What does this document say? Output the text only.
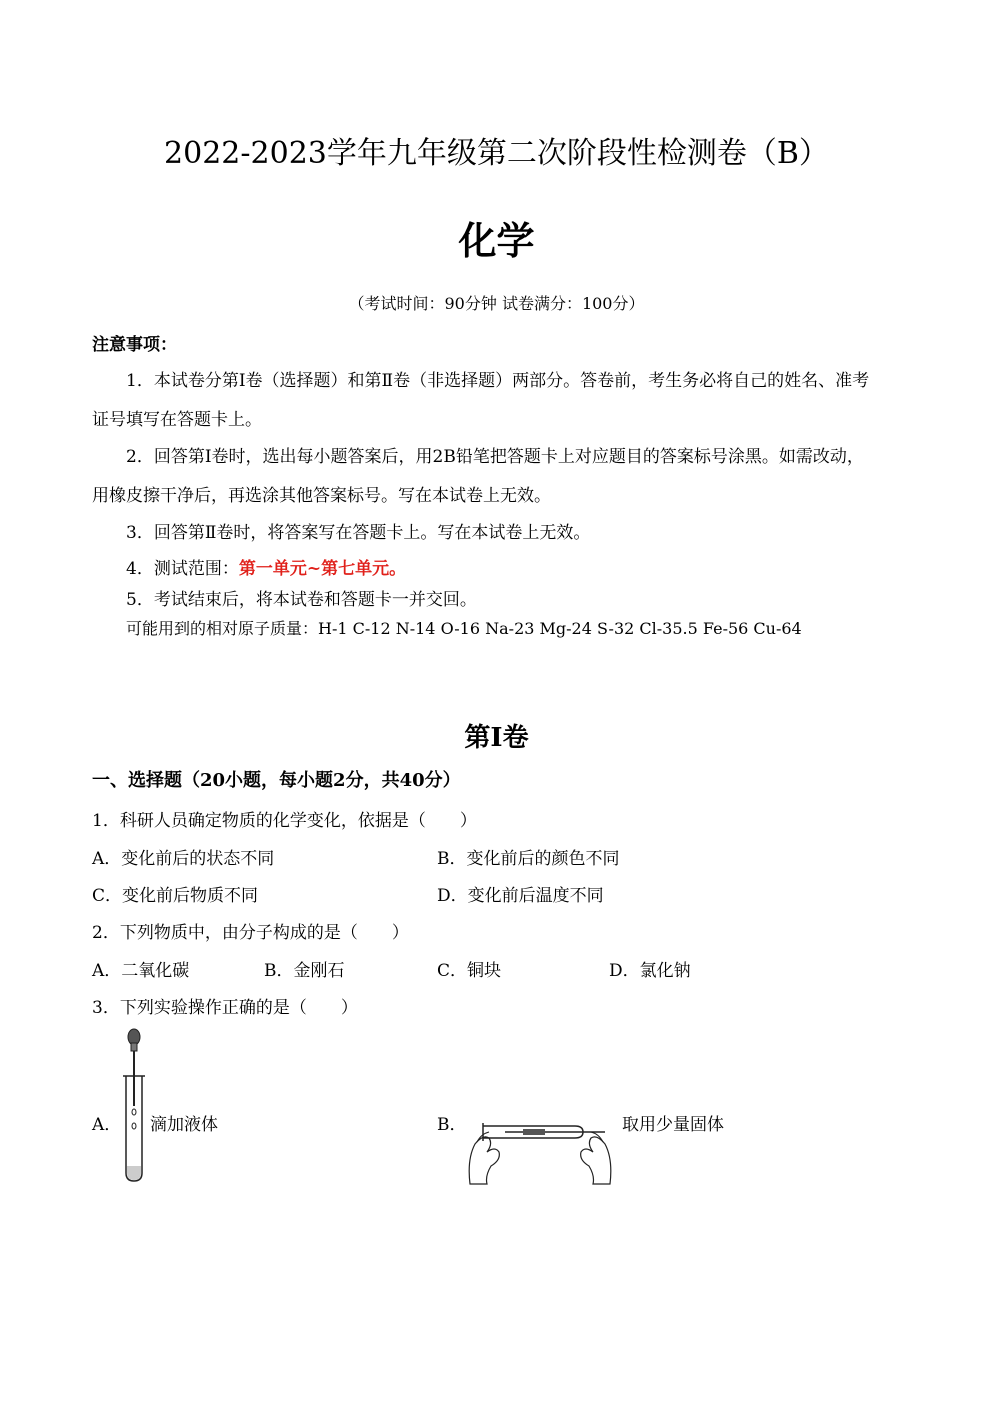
2022-2023学年九年级第二次阶段性检测卷（B）
化学
（考试时间：90分钟 试卷满分：100分）
注意事项：
1．本试卷分第Ⅰ卷（选择题）和第Ⅱ卷（非选择题）两部分。答卷前，考生务必将自己的姓名、准考
证号填写在答题卡上。
2．回答第Ⅰ卷时，选出每小题答案后，用2B铅笔把答题卡上对应题目的答案标号涂黑。如需改动，
用橡皮擦干净后，再选涂其他答案标号。写在本试卷上无效。
3．回答第Ⅱ卷时，将答案写在答题卡上。写在本试卷上无效。
4．测试范围：第一单元~第七单元。
5．考试结束后，将本试卷和答题卡一并交回。
可能用到的相对原子质量：H-1 C-12 N-14 O-16 Na-23 Mg-24 S-32 Cl-35.5 Fe-56 Cu-64
第Ⅰ卷
一、选择题（20小题，每小题2分，共40分）
1．科研人员确定物质的化学变化，依据是（　　）
A．变化前后的状态不同	B．变化前后的颜色不同
C．变化前后物质不同	D．变化前后温度不同
2．下列物质中，由分子构成的是（　　）
A．二氧化碳	B．金刚石	C．铜块	D．氯化钠
3．下列实验操作正确的是（　　）
A． 滴加液体	B．	取用少量固体
